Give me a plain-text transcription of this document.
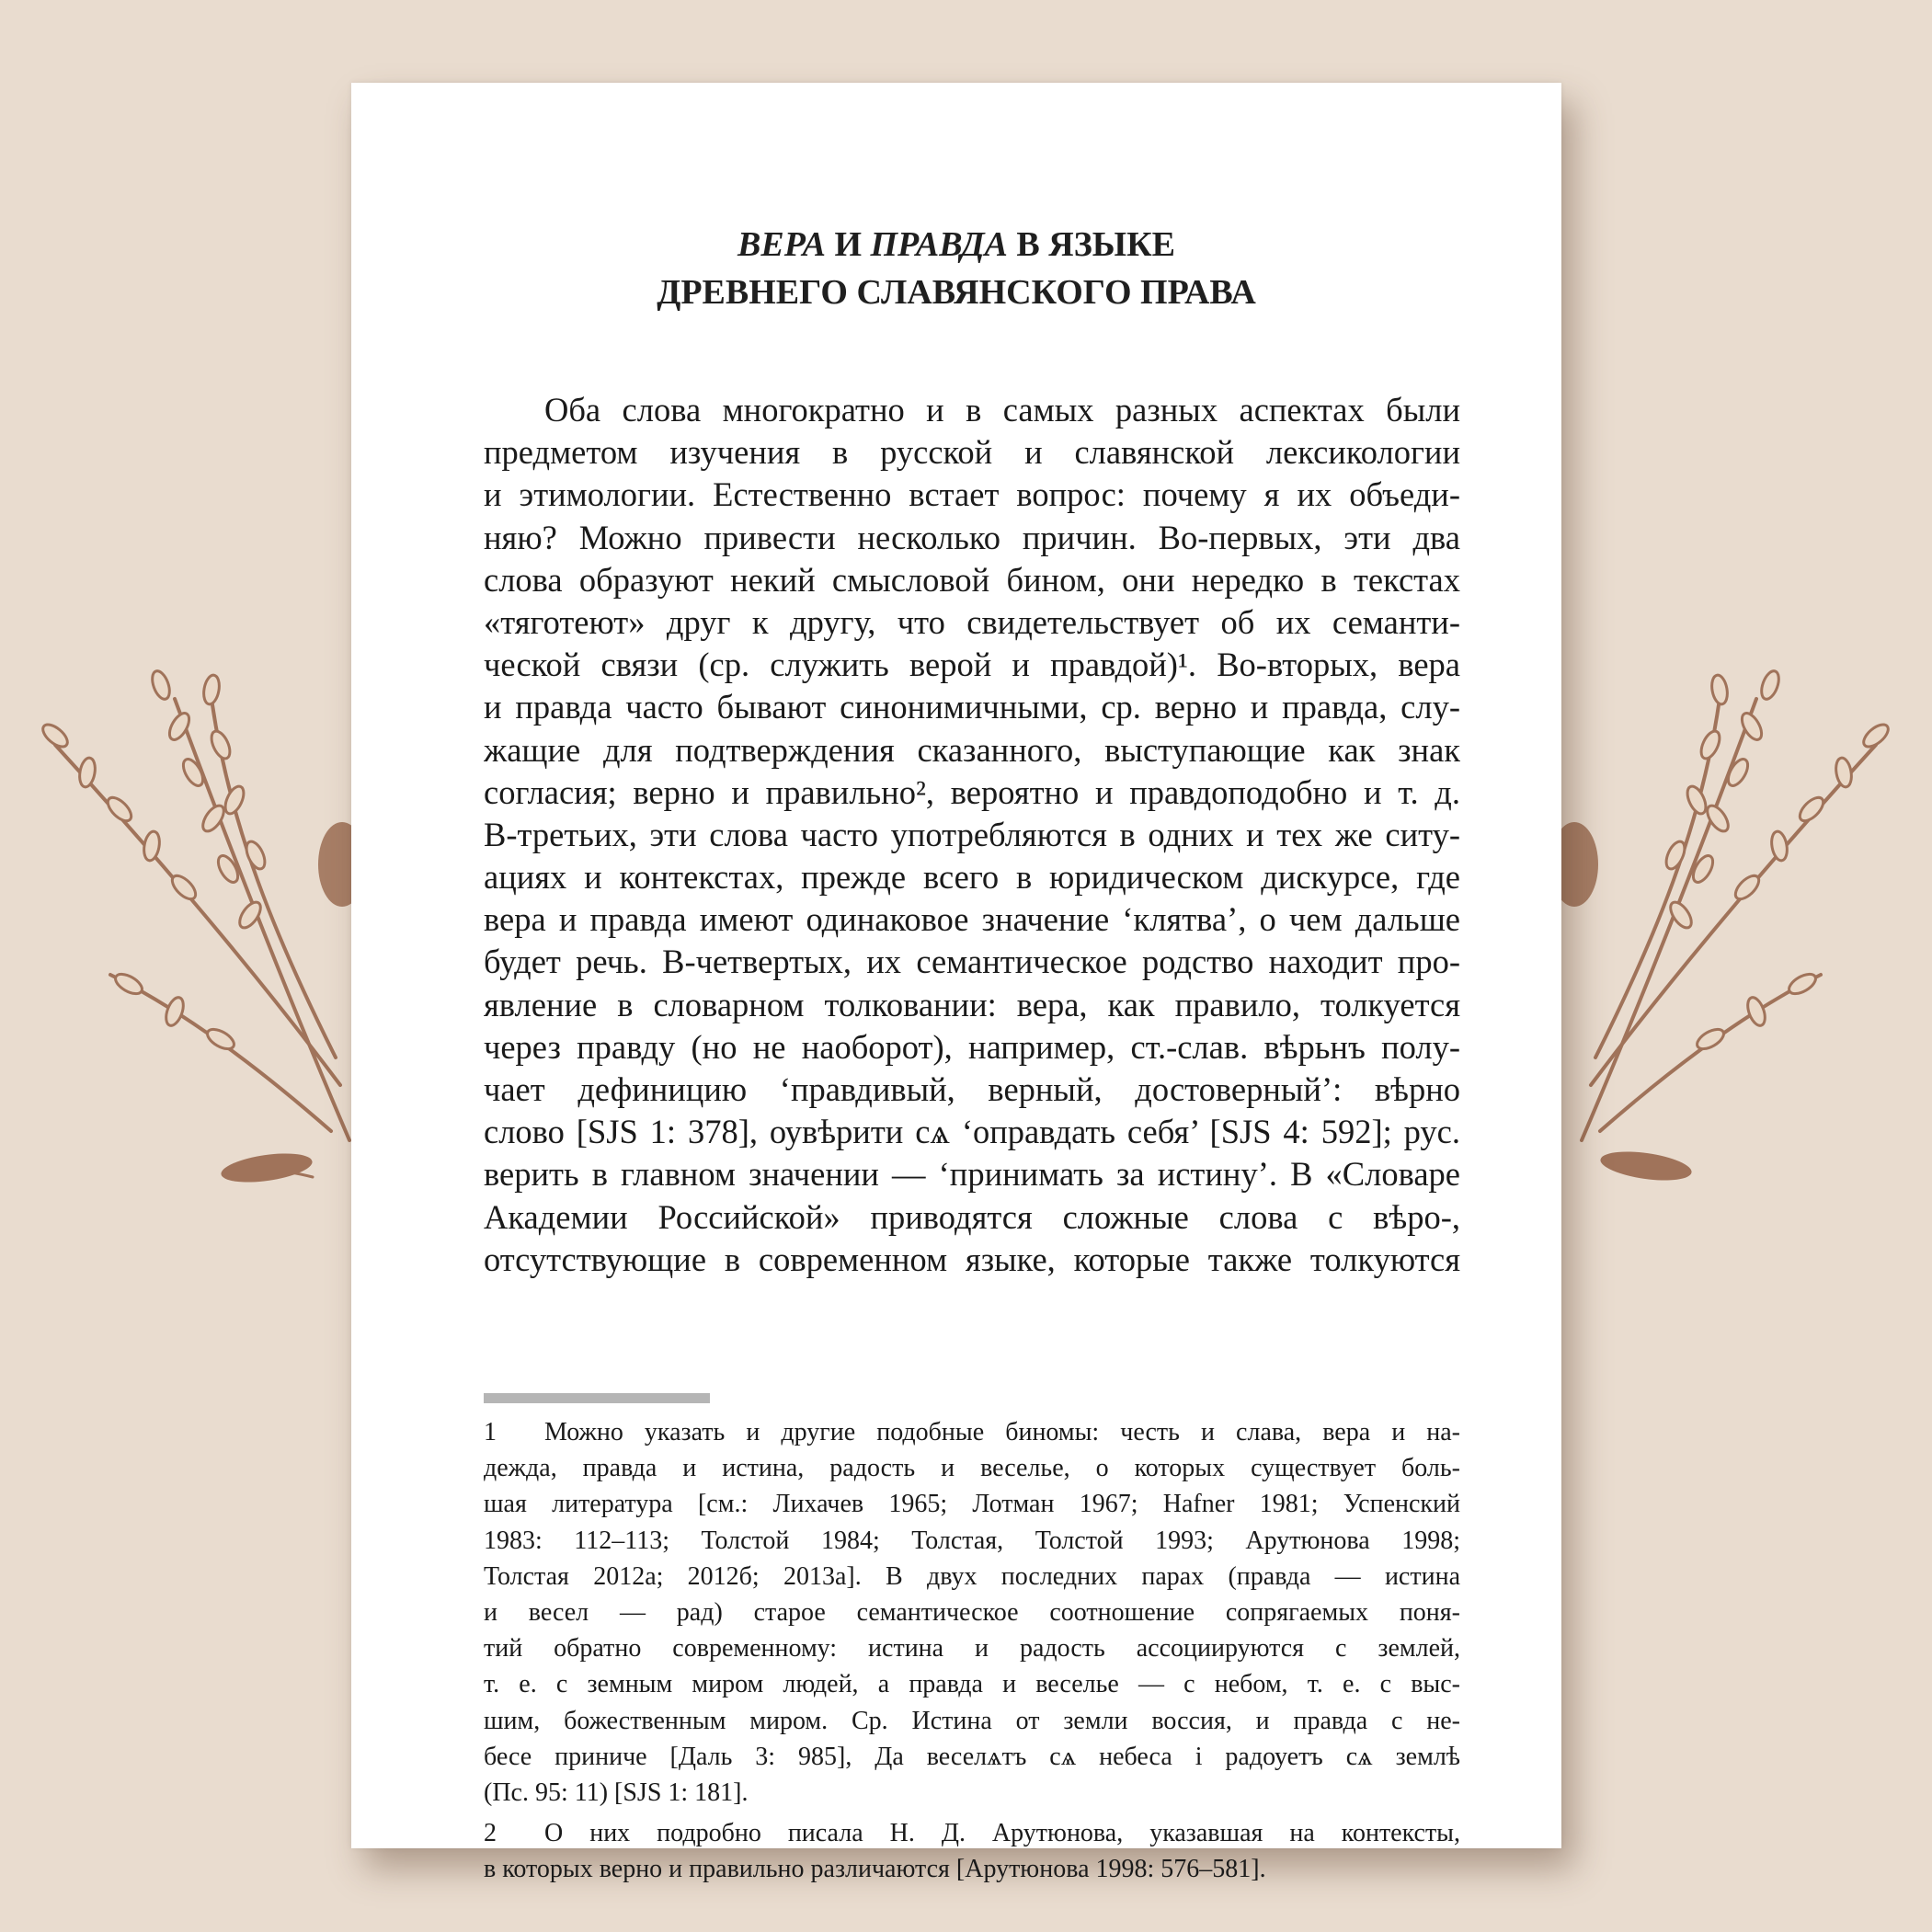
ВЕРА И ПРАВДА В ЯЗЫКЕ
ДРЕВНЕГО СЛАВЯНСКОГО ПРАВА
Оба слова многократно и в самых разных аспектах были
предметом изучения в русской и славянской лексикологии
и этимологии. Естественно встает вопрос: почему я их объеди-
няю? Можно привести несколько причин. Во-первых, эти два
слова образуют некий смысловой бином, они нередко в текстах
«тяготеют» друг к другу, что свидетельствует об их семанти-
ческой связи (ср. служить верой и правдой)¹. Во-вторых, вера
и правда часто бывают синонимичными, ср. верно и правда, слу-
жащие для подтверждения сказанного, выступающие как знак
согласия; верно и правильно², вероятно и правдоподобно и т. д.
В-третьих, эти слова часто употребляются в одних и тех же ситу-
ациях и контекстах, прежде всего в юридическом дискурсе, где
вера и правда имеют одинаковое значение ‘клятва’, о чем дальше
будет речь. В-четвертых, их семантическое родство находит про-
явление в словарном толковании: вера, как правило, толкуется
через правду (но не наоборот), например, ст.-слав. вѣрьнъ полу-
чает дефиницию ‘правдивый, верный, достоверный’: вѣрно
слово [SJS 1: 378], оувѣрити сѧ ‘оправдать себя’ [SJS 4: 592]; рус.
верить в главном значении — ‘принимать за истину’. В «Словаре
Академии Российской» приводятся сложные слова с вѣро-,
отсутствующие в современном языке, которые также толкуются
1 Можно указать и другие подобные биномы: честь и слава, вера и на-
дежда, правда и истина, радость и веселье, о которых существует боль-
шая литература [см.: Лихачев 1965; Лотман 1967; Hafner 1981; Успенский
1983: 112–113; Толстой 1984; Толстая, Толстой 1993; Арутюнова 1998;
Толстая 2012а; 2012б; 2013а]. В двух последних парах (правда — истина
и весел — рад) старое семантическое соотношение сопрягаемых поня-
тий обратно современному: истина и радость ассоциируются с землей,
т. е. с земным миром людей, а правда и веселье — с небом, т. е. с выс-
шим, божественным миром. Ср. Истина от земли воссия, и правда с не-
бесе приниче [Даль 3: 985], Да веселѧтъ сѧ небеса і радоуетъ сѧ землѣ
(Пс. 95: 11) [SJS 1: 181].
2 О них подробно писала Н. Д. Арутюнова, указавшая на контексты,
в которых верно и правильно различаются [Арутюнова 1998: 576–581].
